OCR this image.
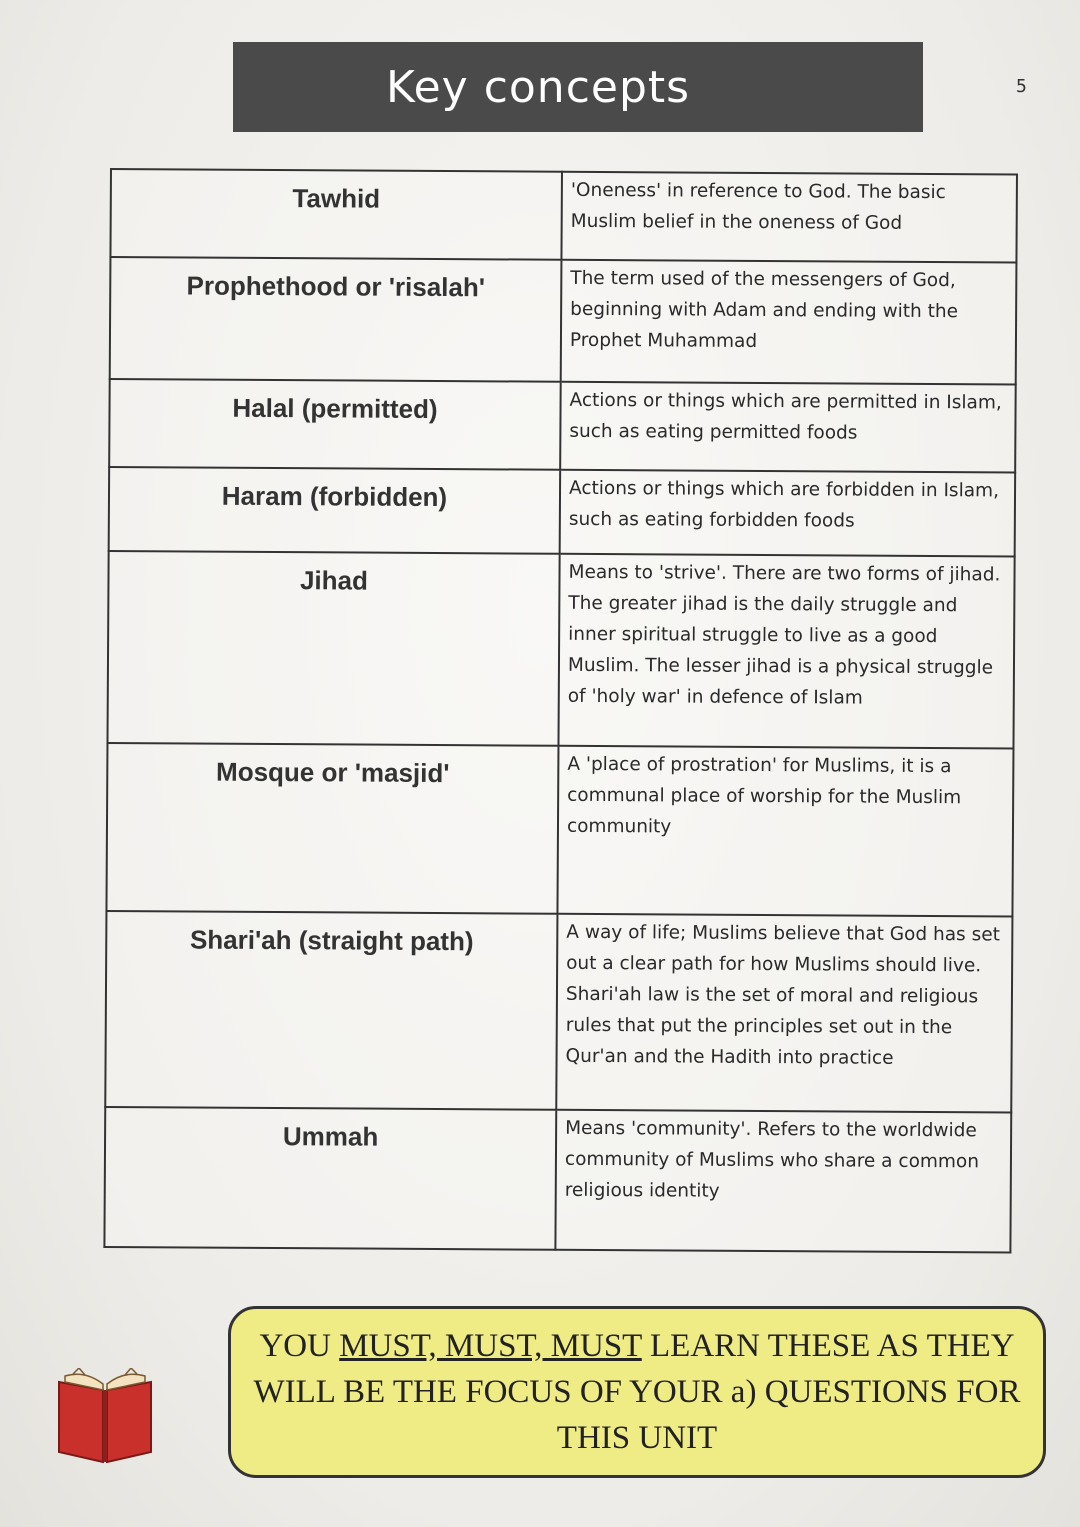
Key concepts	5
Tawhid	'Oneness' in reference to God. The basic Muslim belief in the oneness of God

Prophethood or 'risalah'	The term used of the messengers of God, beginning with Adam and ending with the Prophet Muhammad

Halal (permitted)	Actions or things which are permitted in Islam, such as eating permitted foods

Haram (forbidden)	Actions or things which are forbidden in Islam, such as eating forbidden foods

Jihad	Means to 'strive'. There are two forms of jihad. The greater jihad is the daily struggle and inner spiritual struggle to live as a good Muslim. The lesser jihad is a physical struggle of 'holy war' in defence of Islam

Mosque or 'masjid'	A 'place of prostration' for Muslims, it is a communal place of worship for the Muslim community

Shari'ah (straight path)	A way of life; Muslims believe that God has set out a clear path for how Muslims should live. Shari'ah law is the set of moral and religious rules that put the principles set out in the Qur'an and the Hadith into practice

Ummah	Means 'community'. Refers to the worldwide community of Muslims who share a common religious identity
YOU MUST, MUST, MUST LEARN THESE AS THEY
WILL BE THE FOCUS OF YOUR a) QUESTIONS FOR
THIS UNIT
